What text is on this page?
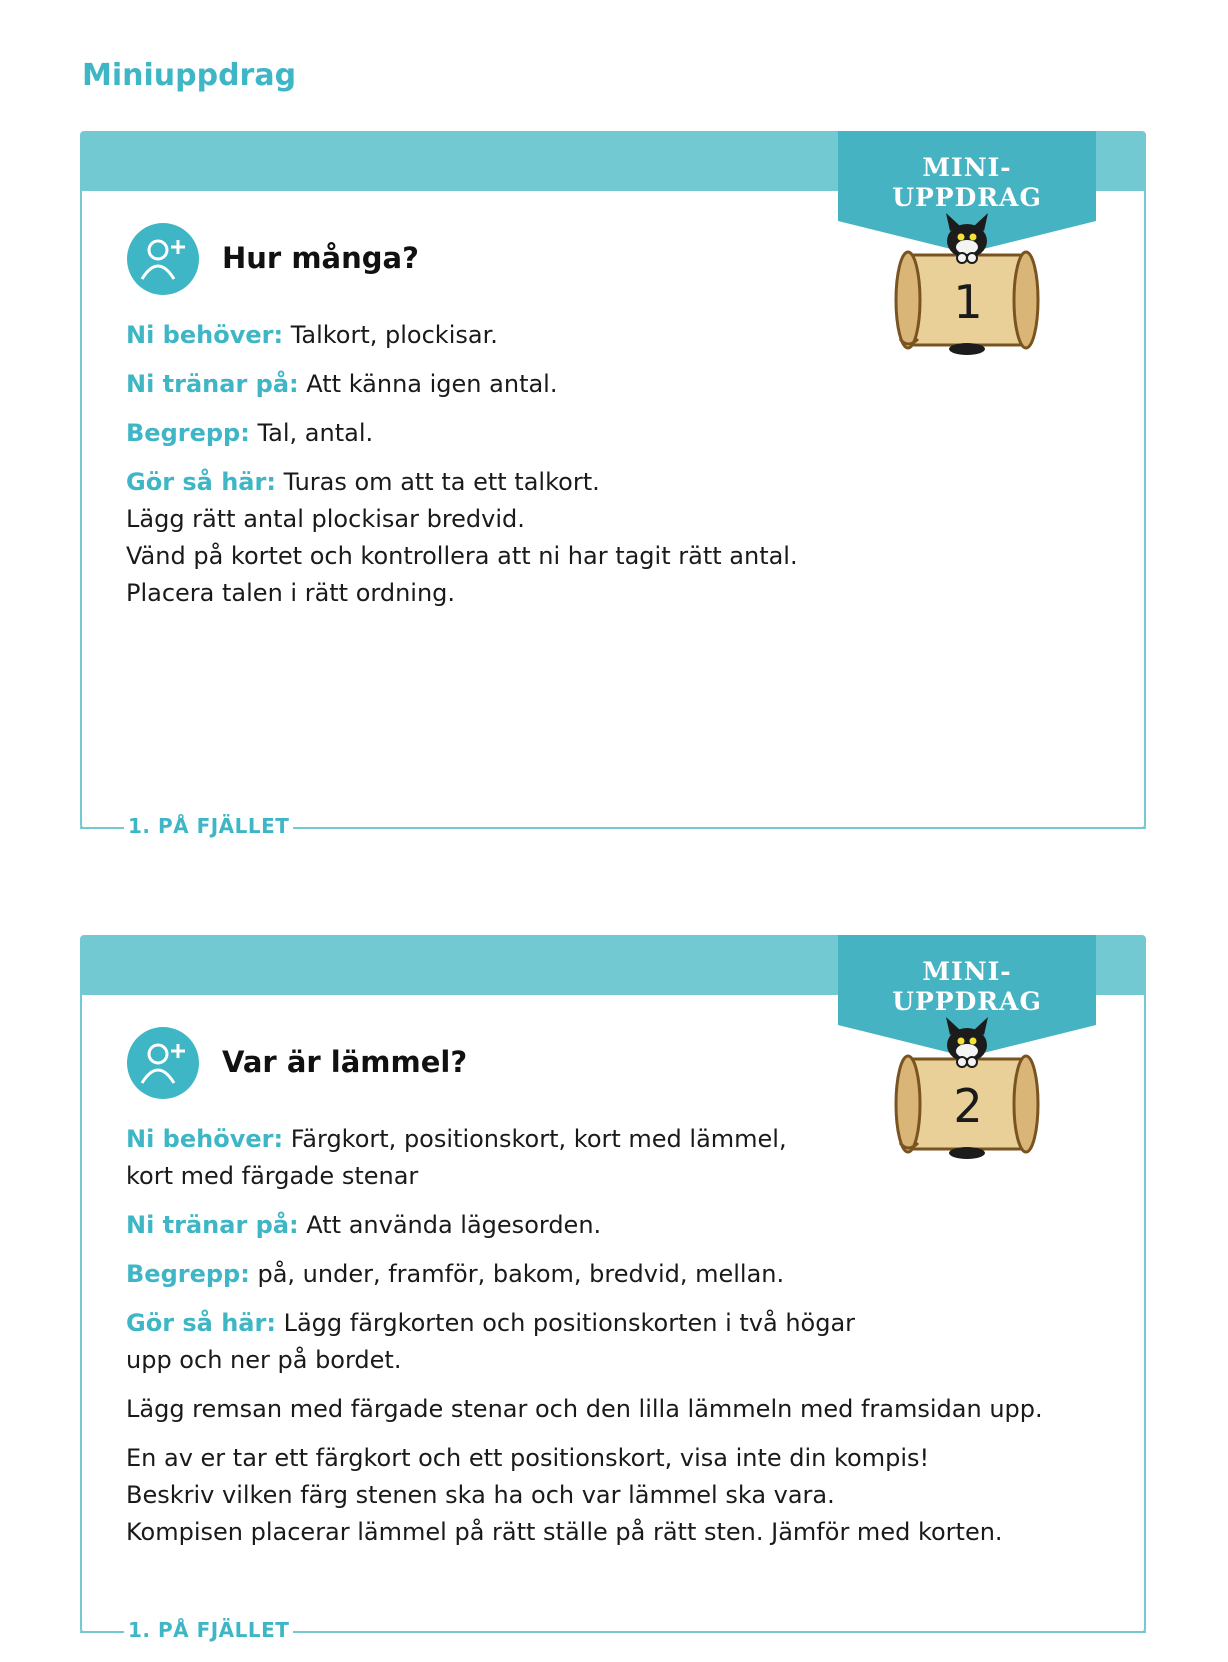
Miniuppdrag
MINI-
UPPDRAG
1
Hur många?

Ni behöver: Talkort, plockisar.

Ni tränar på: Att känna igen antal.

Begrepp: Tal, antal.

Gör så här: Turas om att ta ett talkort.

Lägg rätt antal plockisar bredvid.
Vänd på kortet och kontrollera att ni har tagit rätt antal.
Placera talen i rätt ordning.
1. PÅ FJÄLLET
MINI-
UPPDRAG
2
Var är lämmel?

Ni behöver: Färgkort, positionskort, kort med lämmel,
kort med färgade stenar

Ni tränar på: Att använda lägesorden.

Begrepp: på, under, framför, bakom, bredvid, mellan.

Gör så här: Lägg färgkorten och positionskorten i två högar
upp och ner på bordet.

Lägg remsan med färgade stenar och den lilla lämmeln med framsidan upp.

En av er tar ett färgkort och ett positionskort, visa inte din kompis!
Beskriv vilken färg stenen ska ha och var lämmel ska vara.
Kompisen placerar lämmel på rätt ställe på rätt sten. Jämför med korten.
1. PÅ FJÄLLET
